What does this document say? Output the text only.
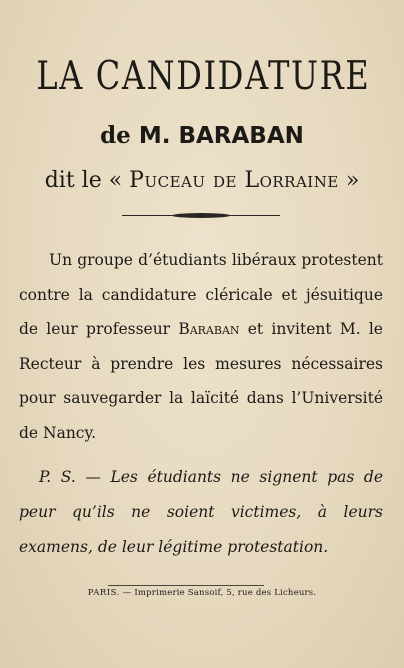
LA CANDIDATURE
de M. BARABAN
dit le « Puceau de Lorraine »
Un groupe d’étudiants libéraux protestent contre la candidature cléricale et jésuitique de leur professeur Baraban et invitent M. le Recteur à prendre les mesures nécessaires pour sauvegarder la laïcité dans l’Université de Nancy.
P. S. — Les étudiants ne signent pas de peur qu’ils ne soient victimes, à leurs examens, de leur légitime protestation.
PARIS. — Imprimerie Sansoif, 5, rue des Licheurs.
